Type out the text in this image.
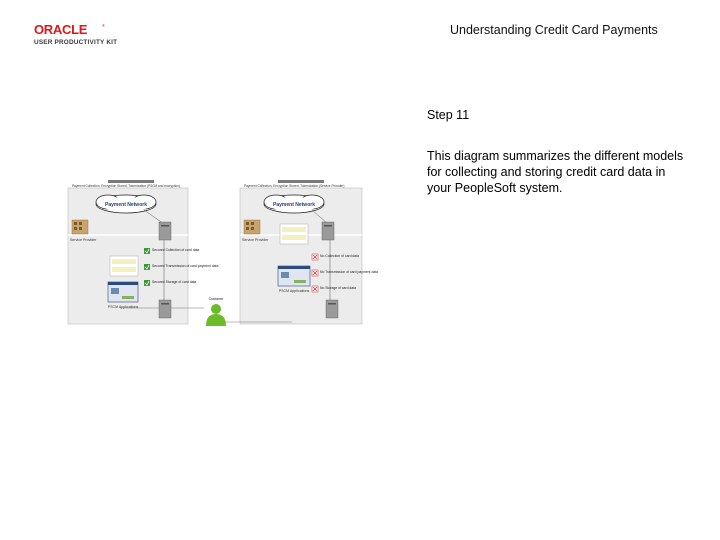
ORACLE	®
USER PRODUCTIVITY KIT
Understanding Credit Card Payments
Step 11
This diagram summarizes the different models for collecting and storing credit card data in your PeopleSoft system.
Payment Collection, Encryption Stored, Tokenization (PSCM and encryption)	Payment Collection, Encryption Stored, Tokenization (Service Provider)
Payment Network	Payment Network
Service Provider	Service Provider
PSCM Applications
PSCM Applications
Secured Collection of card data
Secured Transmission of card payment data
Secured Storage of card data
No Collection of card data
No Transmission of card payment data
No Storage of card data
Customer
